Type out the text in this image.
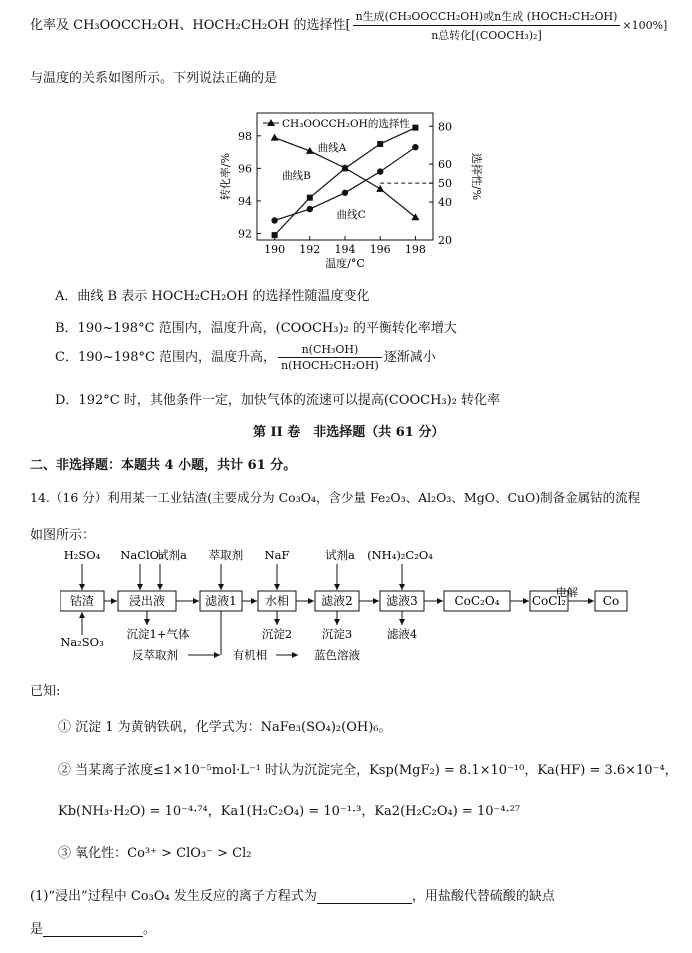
化率及 CH₃OOCCH₂OH、HOCH₂CH₂OH 的选择性[ $\frac{\text{n生成(CH₃OOCCH₂OH)或n生成 (HOCH₂CH₂OH)}}{\text{n总转化[(COOCH₃)₂]}} \times 100\%$]
与温度的关系如图所示。下列说法正确的是
190 192 194 196 198
92
94
96
98
20
40
50
60
80
温度/°C
转化率/%	选择性/%
曲线A
曲线B
曲线C
CH₃OOCCH₂OH的选择性
A．曲线 B 表示 HOCH₂CH₂OH 的选择性随温度变化
B．190~198°C 范围内，温度升高，(COOCH₃)₂ 的平衡转化率增大
C．190~198°C 范围内，温度升高， $\frac{\text{n(CH₃OH)}}{\text{n(HOCH₂CH₂OH)}}$ 逐渐减小
D．192°C 时，其他条件一定，加快气体的流速可以提高(COOCH₃)₂ 转化率
第 II 卷　非选择题（共 61 分）
二、非选择题：本题共 4 小题，共计 61 分。
14.（16 分）利用某一工业钴渣(主要成分为 Co₃O₄，含少量 Fe₂O₃、Al₂O₃、MgO、CuO)制备金属钴的流程
如图所示：
钴渣	浸出液	滤液1 水相	滤液2	滤液3	CoC₂O₄	CoCl₂	Co
电解
H₂SO₄ NaClO₃
试剂a 萃取剂 NaF	试剂a (NH₄)₂C₂O₄
Na₂SO₃
沉淀1+气体	沉淀2	沉淀3	滤液4
反萃取剂	有机相	蓝色溶液
已知:
① 沉淀 1 为黄钠铁矾，化学式为：NaFe₃(SO₄)₂(OH)₆。
② 当某离子浓度≤1×10⁻⁵mol·L⁻¹ 时认为沉淀完全，Ksp(MgF₂) = 8.1×10⁻¹⁰，Ka(HF) = 3.6×10⁻⁴，
Kb(NH₃·H₂O) = 10⁻⁴·⁷⁴，Ka1(H₂C₂O₄) = 10⁻¹·³，Ka2(H₂C₂O₄) = 10⁻⁴·²⁷
③ 氧化性：Co³⁺ > ClO₃⁻ > Cl₂
(1)“浸出”过程中 Co₃O₄ 发生反应的离子方程式为	，用盐酸代替硫酸的缺点
是	。
